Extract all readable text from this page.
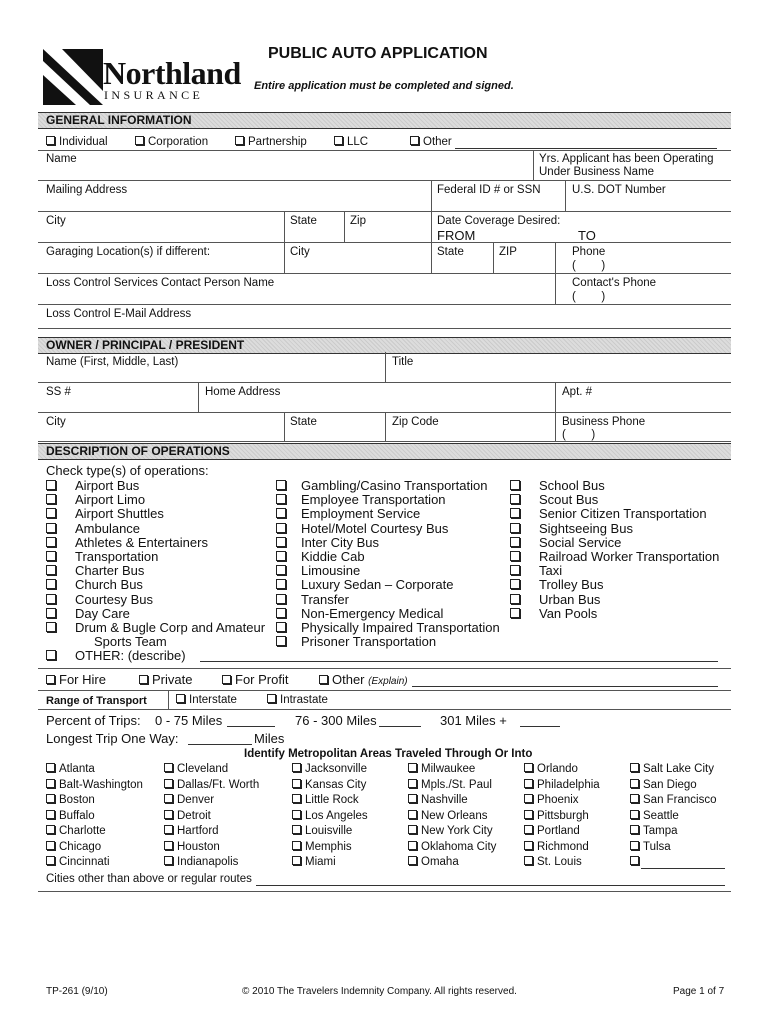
Northland
INSURANCE
PUBLIC AUTO APPLICATION
Entire application must be completed and signed.
GENERAL INFORMATION
Individual	Corporation	Partnership	LLC	Other
Name	Yrs. Applicant has been Operating
Under Business Name
Mailing Address	Federal ID # or SSN	U.S. DOT Number
City	State	Zip	Date Coverage Desired:
FROM	TO
Garaging Location(s) if different:	City	State	ZIP	Phone
(        )
Loss Control Services Contact Person Name	Contact's Phone
(        )
Loss Control E-Mail Address
OWNER / PRINCIPAL / PRESIDENT
Name (First, Middle, Last)	Title
SS #	Home Address	Apt. #
City	State	Zip Code	Business Phone
(        )
DESCRIPTION OF OPERATIONS
Check type(s) of operations:
Airport Bus
Airport Limo
Airport Shuttles
Ambulance
Athletes & Entertainers
Transportation
Charter Bus
Church Bus
Courtesy Bus
Day Care
Drum & Bugle Corp and Amateur
Gambling/Casino Transportation
Employee Transportation
Employment Service
Hotel/Motel Courtesy Bus
Inter City Bus
Kiddie Cab
Limousine
Luxury Sedan – Corporate
Transfer
Non-Emergency Medical
Physically Impaired Transportation
Prisoner Transportation
School Bus
Scout Bus
Senior Citizen Transportation
Sightseeing Bus
Social Service
Railroad Worker Transportation
Taxi
Trolley Bus
Urban Bus
Van Pools
Sports Team
OTHER: (describe)
For Hire	Private	For Profit	Other (Explain)
Range of Transport	Interstate	Intrastate
Percent of Trips: 0 - 75 Miles	76 - 300 Miles	301 Miles +
Longest Trip One Way:	Miles
Identify Metropolitan Areas Traveled Through Or Into
Atlanta
Balt-Washington
Boston
Buffalo
Charlotte
Chicago
Cincinnati
Cleveland
Dallas/Ft. Worth
Denver
Detroit
Hartford
Houston
Indianapolis
Jacksonville
Kansas City
Little Rock
Los Angeles
Louisville
Memphis
Miami
Milwaukee
Mpls./St. Paul
Nashville
New Orleans
New York City
Oklahoma City
Omaha
Orlando
Philadelphia
Phoenix
Pittsburgh
Portland
Richmond
St. Louis
Salt Lake City
San Diego
San Francisco
Seattle
Tampa
Tulsa
Cities other than above or regular routes
TP-261 (9/10)	© 2010 The Travelers Indemnity Company. All rights reserved.	Page 1 of 7
